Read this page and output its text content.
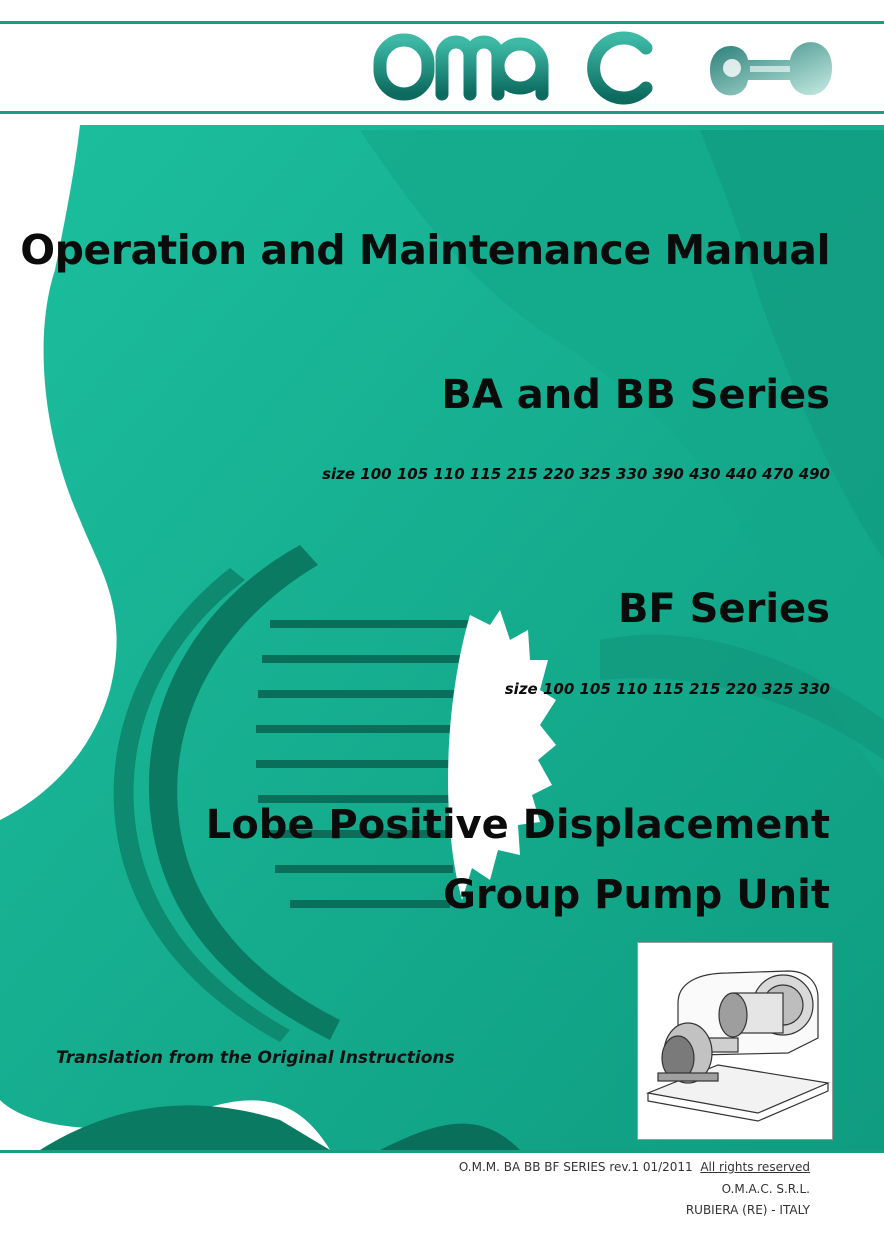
Operation and Maintenance Manual
BA and BB Series

size 100 105 110 115 215 220 325 330 390 430 440 470 490

BF Series

size 100 105 110 115 215 220 325 330

Lobe Positive Displacement
Group Pump Unit

Translation from the Original Instructions

O.M.M. BA BB BF SERIES rev.1 01/2011 All rights reserved

O.M.A.C. S.R.L.

RUBIERA (RE) - ITALY
